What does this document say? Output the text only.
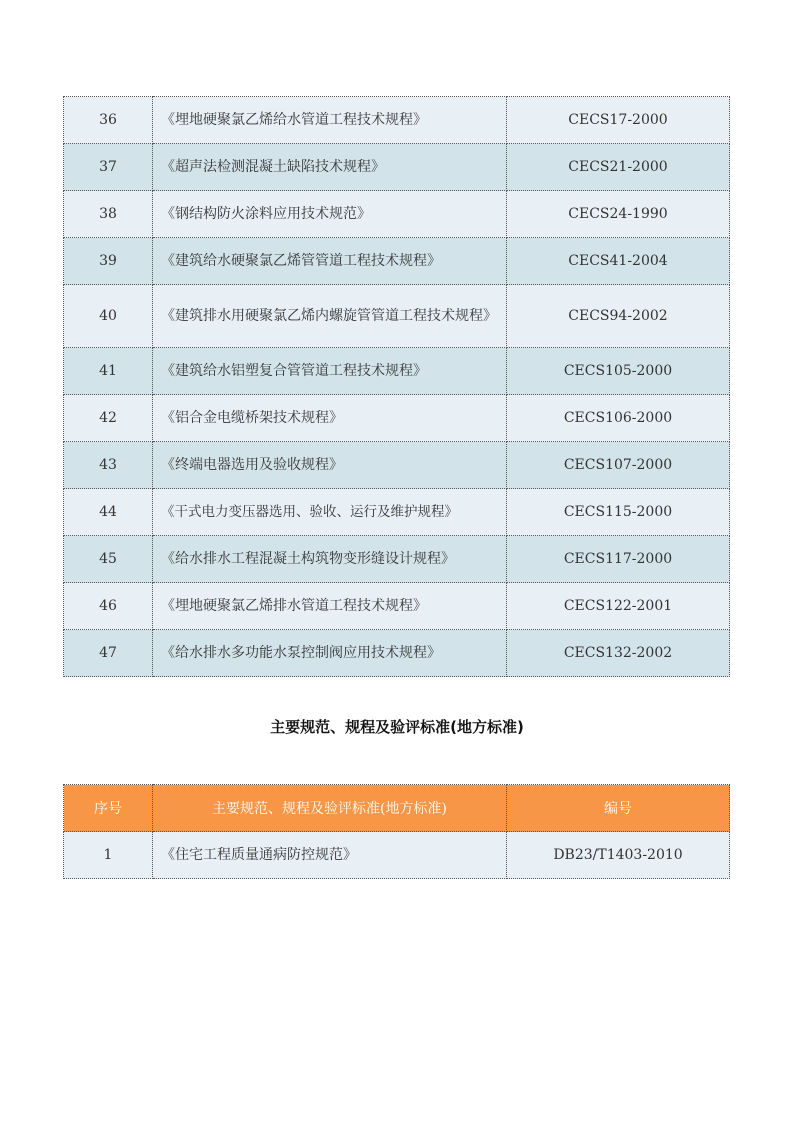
36	《埋地硬聚氯乙烯给水管道工程技术规程》	CECS17-2000
37	《超声法检测混凝土缺陷技术规程》	CECS21-2000
38	《钢结构防火涂料应用技术规范》	CECS24-1990
39	《建筑给水硬聚氯乙烯管管道工程技术规程》	CECS41-2004
40	《建筑排水用硬聚氯乙烯内螺旋管管道工程技术规程》	CECS94-2002
41	《建筑给水铝塑复合管管道工程技术规程》	CECS105-2000
42	《铝合金电缆桥架技术规程》	CECS106-2000
43	《终端电器选用及验收规程》	CECS107-2000
44	《干式电力变压器选用、验收、运行及维护规程》	CECS115-2000
45	《给水排水工程混凝土构筑物变形缝设计规程》	CECS117-2000
46	《埋地硬聚氯乙烯排水管道工程技术规程》	CECS122-2001
47	《给水排水多功能水泵控制阀应用技术规程》	CECS132-2002
主要规范、规程及验评标准(地方标准)
序号	主要规范、规程及验评标准(地方标准)	编号
1	《住宅工程质量通病防控规范》	DB23/T1403-2010
